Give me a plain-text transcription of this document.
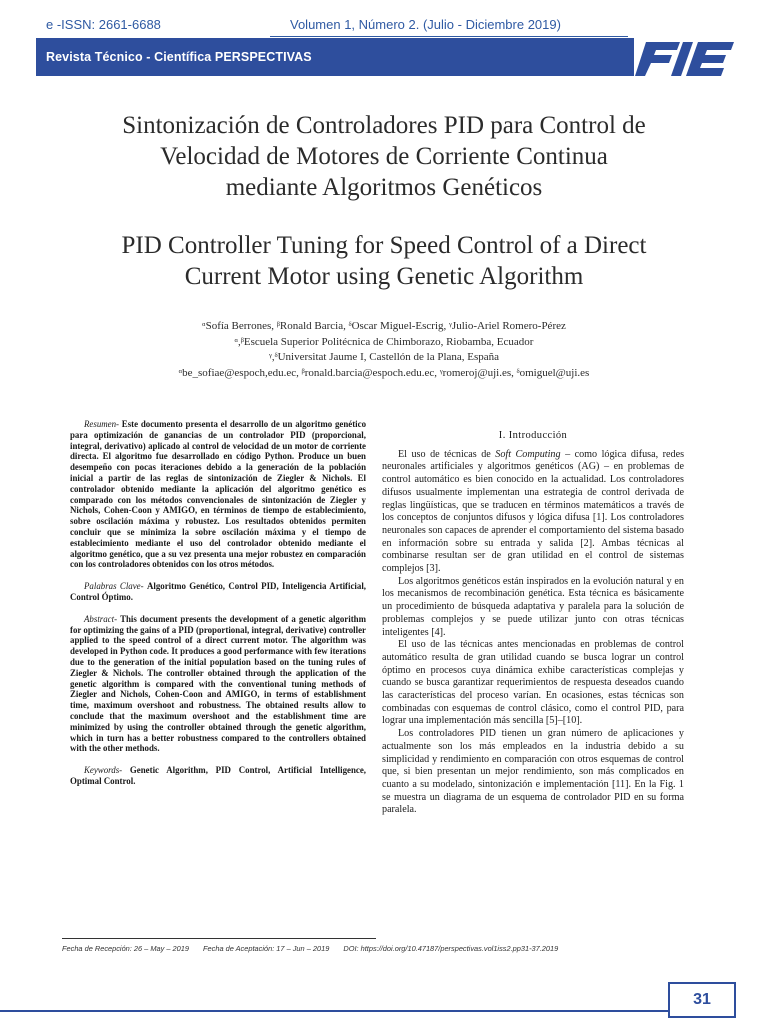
e -ISSN: 2661-6688	Volumen 1, Número 2. (Julio - Diciembre 2019)
Revista Técnico - Científica PERSPECTIVAS
Sintonización de Controladores PID para Control de
Velocidad de Motores de Corriente Continua
mediante Algoritmos Genéticos
PID Controller Tuning for Speed Control of a Direct
Current Motor using Genetic Algorithm
ᵅSofía Berrones, ᵝRonald Barcia, ᵟOscar Miguel-Escrig, ᵞJulio-Ariel Romero-Pérez
ᵅ,ᵝEscuela Superior Politécnica de Chimborazo, Riobamba, Ecuador
ᵞ,ᵟUniversitat Jaume I, Castellón de la Plana, España
ᵅbe_sofiae@espoch,edu.ec, ᵝronald.barcia@espoch.edu.ec, ᵞromeroj@uji.es, ᵟomiguel@uji.es

Resumen- Este documento presenta el desarrollo de un algoritmo genético para optimización de ganancias de un controlador PID (proporcional, integral, derivativo) aplicado al control de velocidad de un motor de corriente directa. El algoritmo fue desarrollado en código Python. Produce un buen desempeño con pocas iteraciones debido a la generación de la población inicial a partir de las reglas de sintonización de Ziegler & Nichols. El controlador obtenido mediante la aplicación del algoritmo genético es comparado con los métodos convencionales de sintonización de Ziegler y Nichols, Cohen-Coon y AMIGO, en términos de tiempo de establecimiento, sobre oscilación máxima y robustez. Los resultados obtenidos permiten concluir que se minimiza la sobre oscilación máxima y el tiempo de establecimiento mediante el uso del controlador obtenido mediante el algoritmo genético, que a su vez presenta una mejor robustez en comparación con los controladores obtenidos con los otros métodos.

Palabras Clave- Algoritmo Genético, Control PID, Inteligencia Artificial, Control Óptimo.

Abstract- This document presents the development of a genetic algorithm for optimizing the gains of a PID (proportional, integral, derivative) controller applied to the speed control of a direct current motor. The algorithm was developed in Python code. It produces a good performance with few iterations due to the generation of the initial population based on the tuning rules of Ziegler & Nichols. The controller obtained through the application of the genetic algorithm is compared with the conventional tuning methods of Ziegler and Nichols, Cohen-Coon and AMIGO, in terms of establishment time, maximum overshoot and robustness. The obtained results allow to conclude that the maximum overshoot and the establishment time are minimized by using the controller obtained through the genetic algorithm, which in turn has a better robustness compared to the controllers obtained with the other methods.

Keywords- Genetic Algorithm, PID Control, Artificial Intelligence, Optimal Control.

I. Introducción

El uso de técnicas de Soft Computing – como lógica difusa, redes neuronales artificiales y algoritmos genéticos (AG) – en problemas de control automático es bien conocido en la actualidad. Los controladores difusos usualmente implementan una estrategia de control derivada de reglas lingüísticas, que se traducen en términos matemáticos a través de los conceptos de conjuntos difusos y lógica difusa [1]. Los controladores neuronales son capaces de aprender el comportamiento del sistema basado en información sobre su entrada y salida [2]. Ambas técnicas al combinarse resultan ser de gran utilidad en el control de sistemas complejos [3].

Los algoritmos genéticos están inspirados en la evolución natural y en los mecanismos de recombinación genética. Esta técnica es básicamente un procedimiento de búsqueda adaptativa y paralela para la solución de problemas complejos y se puede utilizar junto con otras técnicas inteligentes [4].

El uso de las técnicas antes mencionadas en problemas de control automático resulta de gran utilidad cuando se busca lograr un control óptimo en procesos cuya dinámica exhibe características complejas y cuando se busca garantizar requerimientos de respuesta deseados cuando las características del proceso varían. En ocasiones, estas técnicas son combinadas con esquemas de control clásico, como el control PID, para lograr una implementación más sencilla [5]–[10].

Los controladores PID tienen un gran número de aplicaciones y actualmente son los más empleados en la industria debido a su simplicidad y rendimiento en comparación con otros esquemas de control que, si bien presentan un mejor rendimiento, son más complicados en cuanto a su modelado, sintonización e implementación [11]. En la Fig. 1 se muestra un diagrama de un esquema de controlador PID en su forma paralela.

Fecha de Recepción: 26 – May – 2019 Fecha de Aceptación: 17 – Jun – 2019 DOI: https://doi.org/10.47187/perspectivas.vol1iss2.pp31-37.2019
31
